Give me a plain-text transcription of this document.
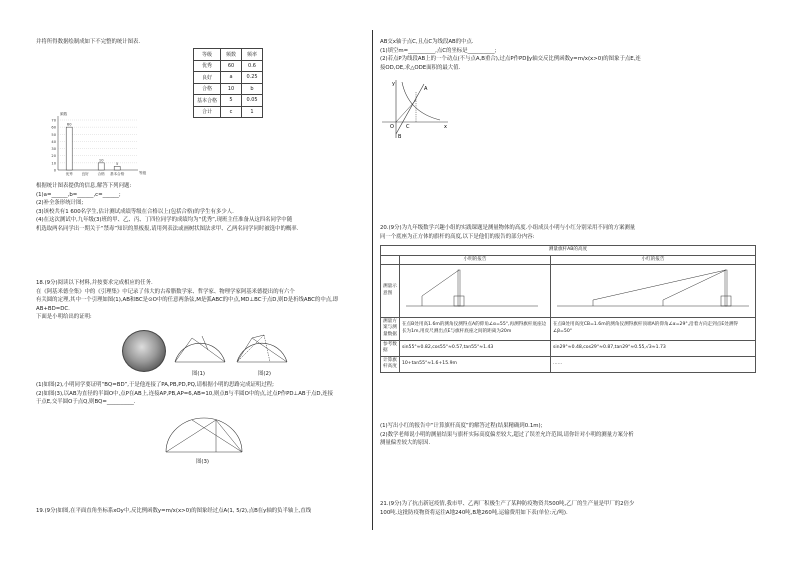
并将所得数据绘制成如下不完整的统计图表.
等级	频数	频率
优秀	60	0.6
良好	a	0.25
合格	10	b
基本合格	5	0.05
合计	c	1
70
60
50
40
30
20
10
0
频数
等级
60
优秀 良好
10
合格
5
基本合格
根据统计图表提供的信息,解答下列问题:
(1)a=______,b=______,c=______;
(2)补全条形统计图;
(3)该校共有1 600名学生,估计测试成绩等级在合格以上(包括合格)的学生有多少人.
(4)在这次测试中,九年级(3)班的甲、乙、丙、丁四位同学的成绩均为“优秀”,现班主任准备从这四名同学中随
机选取两名同学出一期关于“禁毒”知识的黑板报,请用列表法或画树状图法求甲、乙两名同学同时被选中的概率.
18.(9分)阅读以下材料,并按要求完成相应的任务.
在《阿基米德全集》中的《引理集》中记录了伟大的古希腊数学家、哲学家、物理学家阿基米德提出的有六个
有关圆的定理,其中一个引理如图(1),AB和BC是⊙O中的任意两条弦,M是弧ABC的中点,MD⊥BC于点D,则D是折线ABC的中点,即AB+BD=DC.
下面是小明给出的证明:
图(1)	图(2)
(1)如图(2),小明同学要证明“BQ=BD”,于是他连接了PA,PB,PD,PQ,请根据小明的思路完成证明过程;
(2)如图(3),以AB为直径的半圆O中,点P在AB上,连接AP,PB,AP=6,AB=10,则点B与半圆O中的点,过点P作PD⊥AB于点D,连接
于点E,交半圆O于点Q,则BQ=__________.
图(3)
19.(9分)如图,在平面直角坐标系xOy中,反比例函数y=m/x(x>0)的图象经过点A(1, 5/2),点B在y轴的负半轴上,直线
AB交x轴于点C,且点C为线段AB的中点.
(1)填空m=__________,点C的坐标是__________;
(2)若点P为线段AB上的一个动点(不与点A,B重合),过点P作PD∥y轴交反比例函数y=m/x(x>0)的图象于点E,连
接OD,OE,求△ODE面积的最大值.
y
x
O
A
B
C
20.(9分)为九年级数学兴趣小组的实践课题是测量物体的高度.小组成员小明与小红分别采用不同的方案测量
同一个底座为正方体的旗杆的高度,以下是他们的报告的部分内容:
测量旗杆AB的高度		
	小明的报告	小红的报告
测量示意图		
测量方案与测量数据	在点B处用高1.6m的测角仪测得点A的仰角∠α=55°,再测得旗杆底座边长为1m,用皮尺测出点E与旗杆底座之间的距离为20m	在点B处用高度CB=1.6m的测角仪测得旗杆顶端A的仰角∠α=29°,沿着方向走到点E处测得∠β=50°
参考数据	sin55°≈0.82,cos55°≈0.57,tan55°≈1.43	sin29°≈0.48,cos29°≈0.87,tan29°≈0.55,√3≈1.73
计算旗杆高度	10+tan55°≈1.6+15.9m	……
(1)写出小红的报告中“计算旗杆高度”的解答过程(结果精确到0.1m);
(2)数学老师说小明的测量结果与旗杆实际高度偏差较大,超过了误差允许范围,请你针对小明的测量方案分析
测量偏差较大的原因.
21.(9分)为了抗击新冠疫情,我市甲、乙两厂积极生产了某种防疫物资共500吨,乙厂的生产量是甲厂的2倍少
100吨.这批防疫物资将运往A地240吨,B地260吨,运输费用如下表(单位:元/吨).
